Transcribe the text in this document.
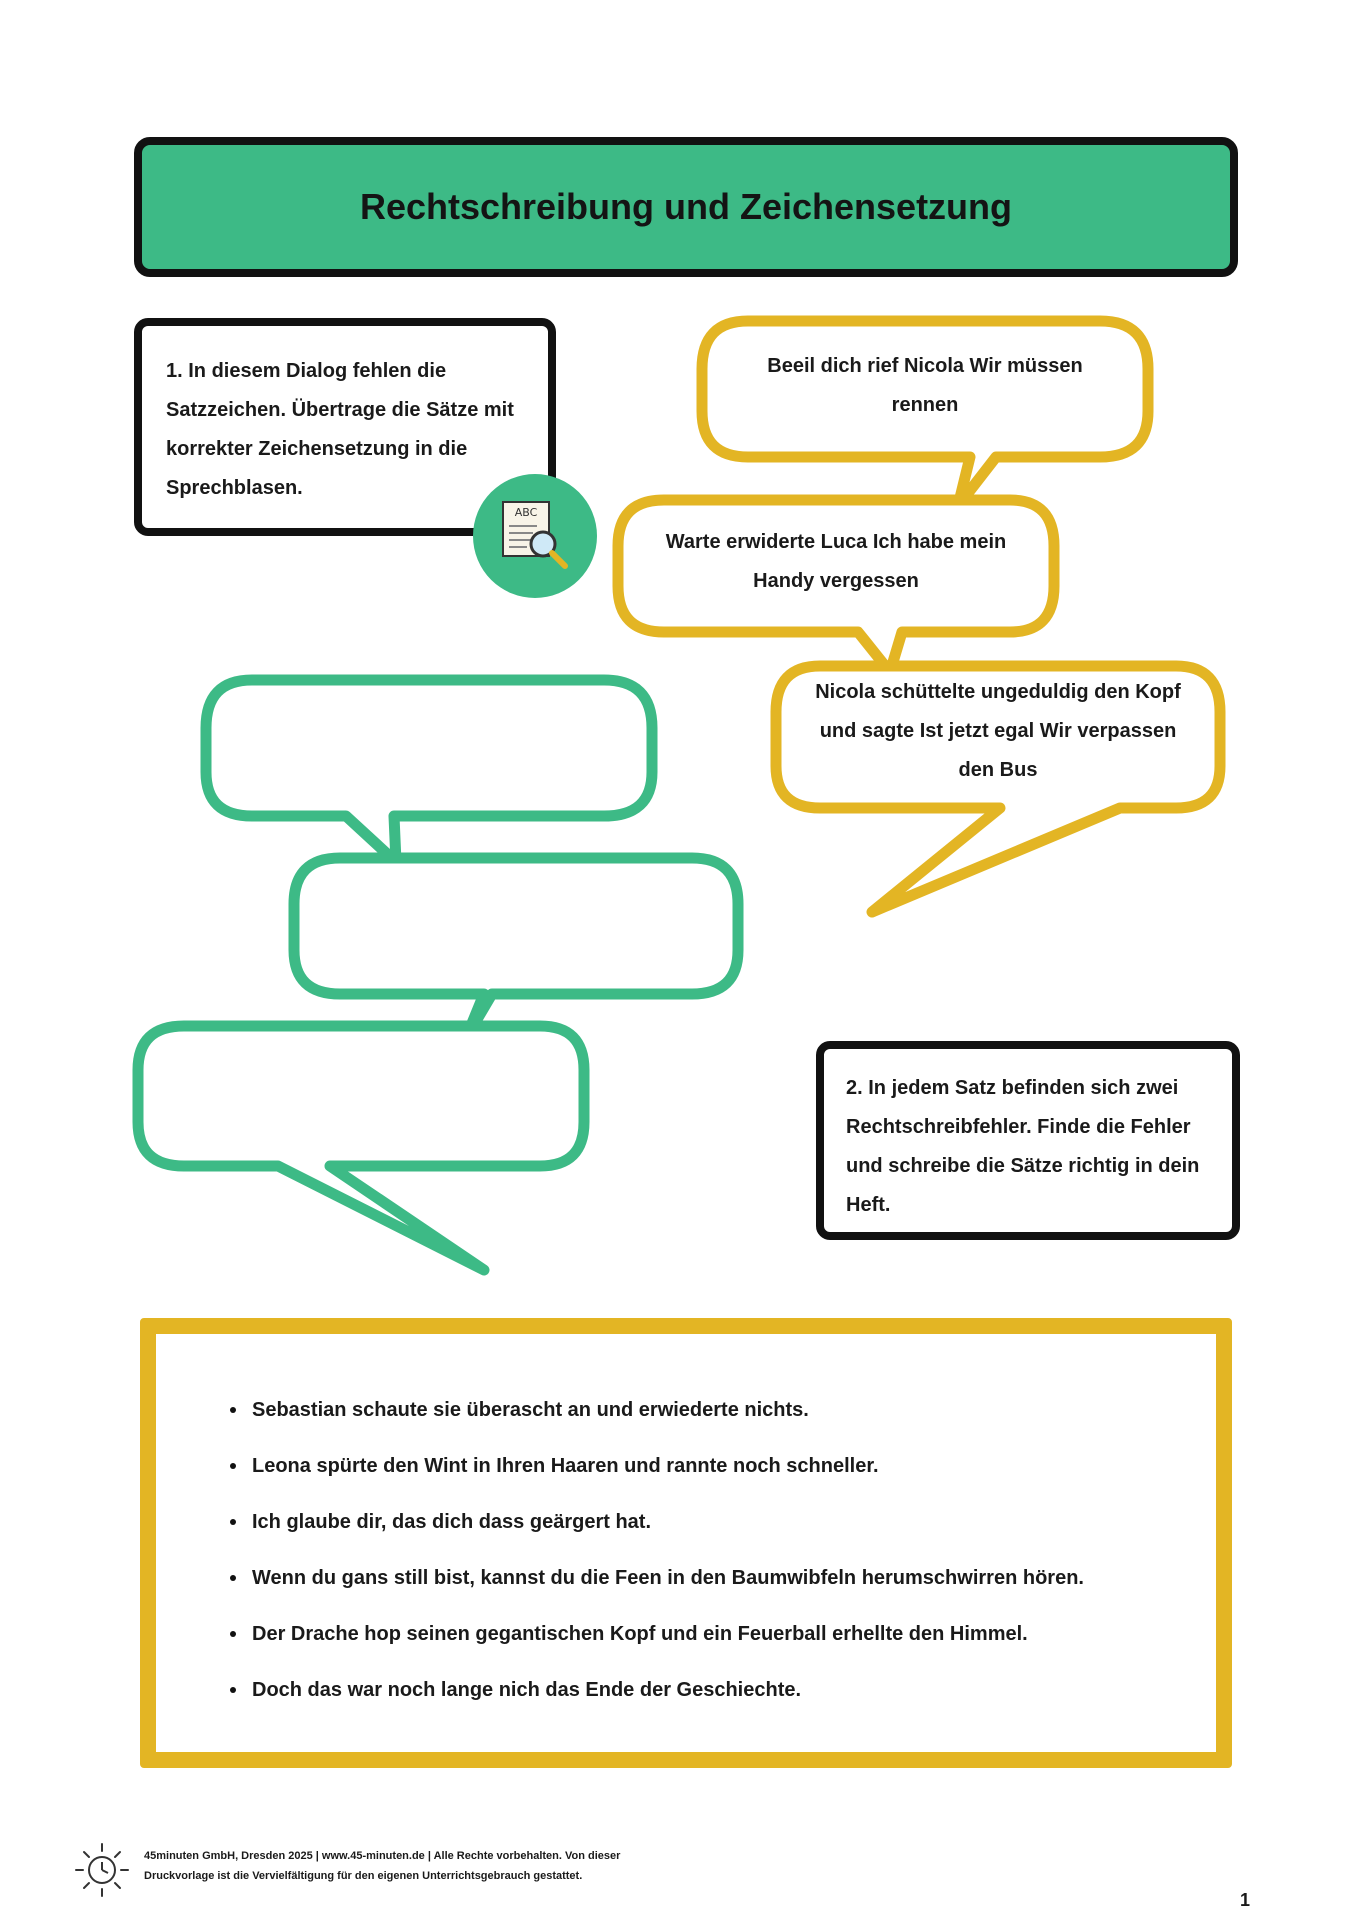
Rechtschreibung und Zeichensetzung
Beeil dich rief Nicola Wir müssen rennen
Warte erwiderte Luca Ich habe mein Handy vergessen
Nicola schüttelte ungeduldig den Kopf und sagte Ist jetzt egal Wir verpassen den Bus
1. In diesem Dialog fehlen die Satzzeichen. Übertrage die Sätze mit korrekter Zeichensetzung in die Sprechblasen.
ABC
2. In jedem Satz befinden sich zwei Rechtschreibfehler. Finde die Fehler und schreibe die Sätze richtig in dein Heft.
Sebastian schaute sie überascht an und erwiederte nichts.
Leona spürte den Wint in Ihren Haaren und rannte noch schneller.
Ich glaube dir, das dich dass geärgert hat.
Wenn du gans still bist, kannst du die Feen in den Baumwibfeln herumschwirren hören.
Der Drache hop seinen gegantischen Kopf und ein Feuerball erhellte den Himmel.
Doch das war noch lange nich das Ende der Geschiechte.

45minuten GmbH, Dresden 2025 | www.45-minuten.de | Alle Rechte vorbehalten. Von dieser Druckvorlage ist die Vervielfältigung für den eigenen Unterrichtsgebrauch gestattet.

1
